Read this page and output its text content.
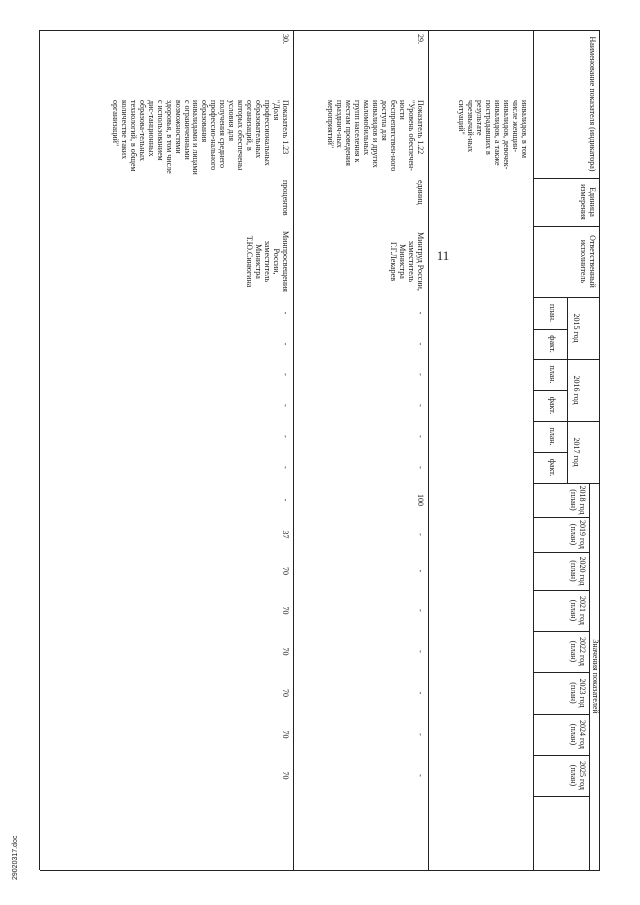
11
Наименование показателя (индикатора)
Единица измерения
Ответственный исполнитель
Значения показателей
2015 год
2016 год
2017 год
план.
факт.
план.
факт.
план.
факт.
2018 год (план)
2019 год (план)
2020 год (план)
2021 год (план)
2022 год (план)
2023 год (план)
2024 год (план)
2025 год (план)
инвалидов, в том числе женщин-инвалидов, девочек-инвалидов, а также пострадавших в результате чрезвычай-ных ситуаций"
29.
Показатель 1.22 "Уровень обеспечен-ности беспрепятствен-ного доступа для инвалидов и других маломобильных групп населения к местам проведения празднич-ных мероприятий"
единиц
Минтруд России, заместитель Министра Г.Г.Лекарев
-
-
-
-
-
-
100
-
-
-
-
-
-
-
30.
Показатель 1.23 "Доля профессиональных образовательных организаций, в которых обеспечены условия для получения среднего профессио-нального образования инвалидами и лицами с ограниченными возможностями здоровья, в том числе с использованием дис-танционных образова-тельных технологий, в общем количестве таких организаций"
процентов
Минпросвещения России, заместитель Министра Т.Ю.Синюгина
-
-
-
-
-
-
-
37
70
70
70
70
70
70
29020317.doc
